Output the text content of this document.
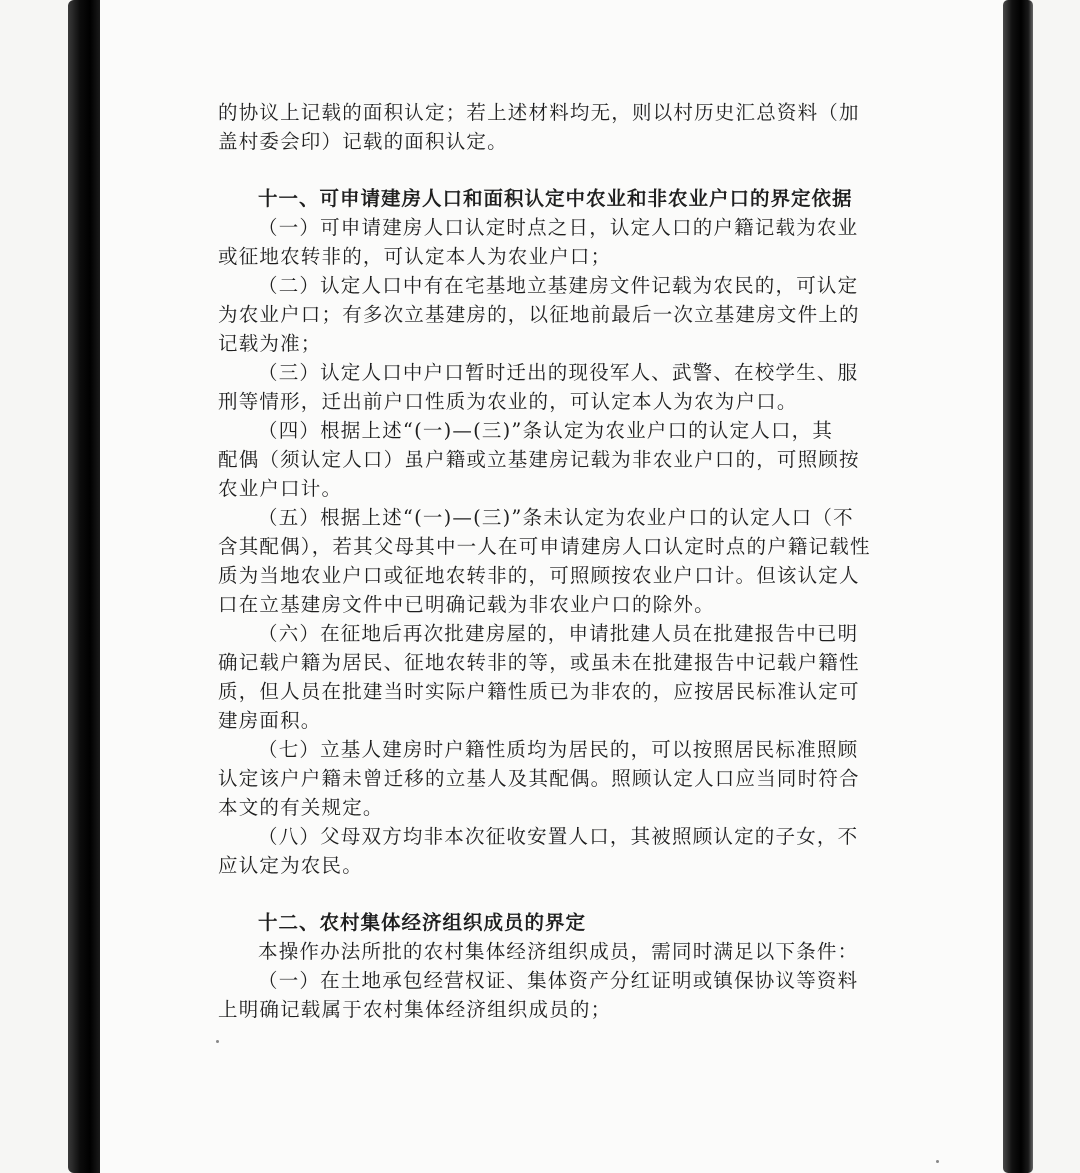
的协议上记载的面积认定；若上述材料均无，则以村历史汇总资料（加
盖村委会印）记载的面积认定。
十一、可申请建房人口和面积认定中农业和非农业户口的界定依据
（一）可申请建房人口认定时点之日，认定人口的户籍记载为农业
或征地农转非的，可认定本人为农业户口；
（二）认定人口中有在宅基地立基建房文件记载为农民的，可认定
为农业户口；有多次立基建房的，以征地前最后一次立基建房文件上的
记载为准；
（三）认定人口中户口暂时迁出的现役军人、武警、在校学生、服
刑等情形，迁出前户口性质为农业的，可认定本人为农为户口。
（四）根据上述“(一)—(三)”条认定为农业户口的认定人口，其
配偶（须认定人口）虽户籍或立基建房记载为非农业户口的，可照顾按
农业户口计。
（五）根据上述“(一)—(三)”条未认定为农业户口的认定人口（不
含其配偶），若其父母其中一人在可申请建房人口认定时点的户籍记载性
质为当地农业户口或征地农转非的，可照顾按农业户口计。但该认定人
口在立基建房文件中已明确记载为非农业户口的除外。
（六）在征地后再次批建房屋的，申请批建人员在批建报告中已明
确记载户籍为居民、征地农转非的等，或虽未在批建报告中记载户籍性
质，但人员在批建当时实际户籍性质已为非农的，应按居民标准认定可
建房面积。
（七）立基人建房时户籍性质均为居民的，可以按照居民标准照顾
认定该户户籍未曾迁移的立基人及其配偶。照顾认定人口应当同时符合
本文的有关规定。
（八）父母双方均非本次征收安置人口，其被照顾认定的子女，不
应认定为农民。
十二、农村集体经济组织成员的界定
本操作办法所批的农村集体经济组织成员，需同时满足以下条件：
（一）在土地承包经营权证、集体资产分红证明或镇保协议等资料
上明确记载属于农村集体经济组织成员的；
